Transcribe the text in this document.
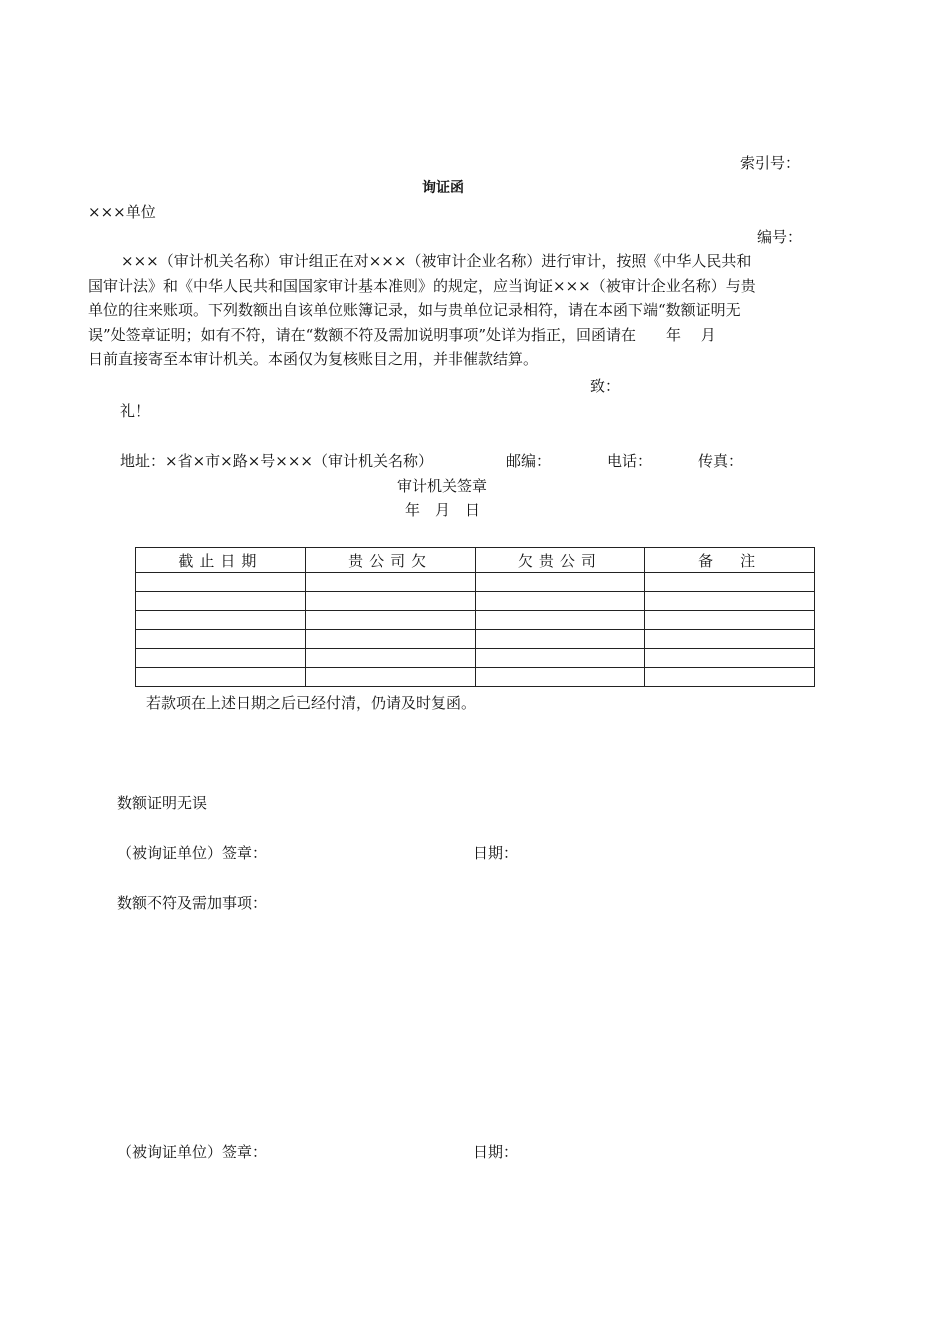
索引号：
询证函
×××单位
编号：
×××（审计机关名称）审计组正在对×××（被审计企业名称）进行审计，按照《中华人民共和
国审计法》和《中华人民共和国国家审计基本准则》的规定，应当询证×××（被审计企业名称）与贵
单位的往来账项。下列数额出自该单位账簿记录，如与贵单位记录相符，请在本函下端“数额证明无
误”处签章证明；如有不符，请在“数额不符及需加说明事项”处详为指正，回函请在　　年　 月
日前直接寄至本审计机关。本函仅为复核账目之用，并非催款结算。
致：
礼！
地址：×省×市×路×号×××（审计机关名称）	邮编：	电话：	传真：
审计机关签章
年　月　日
截止日期	贵公司欠	欠贵公司	备　注

若款项在上述日期之后已经付清，仍请及时复函。
数额证明无误
（被询证单位）签章：	日期：
数额不符及需加事项：
（被询证单位）签章：	日期：
